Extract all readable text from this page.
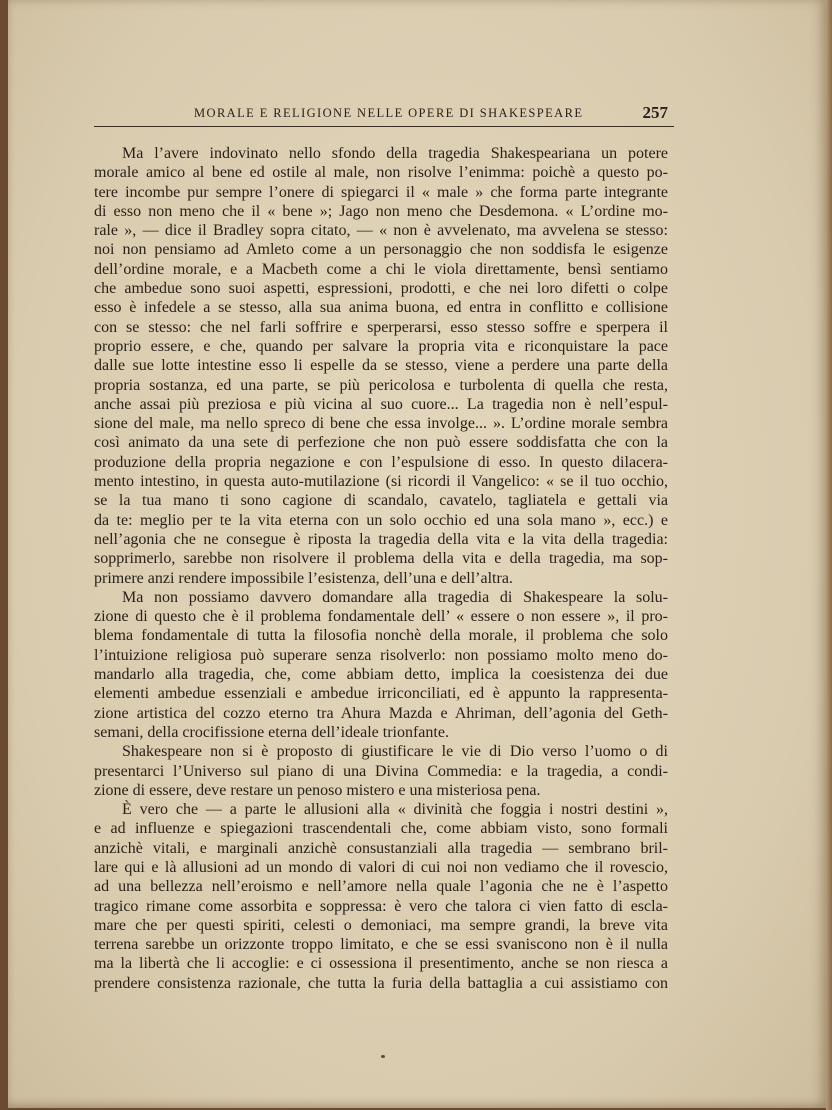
MORALE E RELIGIONE NELLE OPERE DI SHAKESPEARE	257
Ma l’avere indovinato nello sfondo della tragedia Shakespeariana un potere
morale amico al bene ed ostile al male, non risolve l’enimma: poichè a questo po-
tere incombe pur sempre l’onere di spiegarci il « male » che forma parte integrante
di esso non meno che il « bene »; Jago non meno che Desdemona. « L’ordine mo-
rale », — dice il Bradley sopra citato, — « non è avvelenato, ma avvelena se stesso:
noi non pensiamo ad Amleto come a un personaggio che non soddisfa le esigenze
dell’ordine morale, e a Macbeth come a chi le viola direttamente, bensì sentiamo
che ambedue sono suoi aspetti, espressioni, prodotti, e che nei loro difetti o colpe
esso è infedele a se stesso, alla sua anima buona, ed entra in conflitto e collisione
con se stesso: che nel farli soffrire e sperperarsi, esso stesso soffre e sperpera il
proprio essere, e che, quando per salvare la propria vita e riconquistare la pace
dalle sue lotte intestine esso li espelle da se stesso, viene a perdere una parte della
propria sostanza, ed una parte, se più pericolosa e turbolenta di quella che resta,
anche assai più preziosa e più vicina al suo cuore... La tragedia non è nell’espul-
sione del male, ma nello spreco di bene che essa involge... ». L’ordine morale sembra
così animato da una sete di perfezione che non può essere soddisfatta che con la
produzione della propria negazione e con l’espulsione di esso. In questo dilacera-
mento intestino, in questa auto-mutilazione (si ricordi il Vangelico: « se il tuo occhio,
se la tua mano ti sono cagione di scandalo, cavatelo, tagliatela e gettali via
da te: meglio per te la vita eterna con un solo occhio ed una sola mano », ecc.) e
nell’agonia che ne consegue è riposta la tragedia della vita e la vita della tragedia:
sopprimerlo, sarebbe non risolvere il problema della vita e della tragedia, ma sop-
primere anzi rendere impossibile l’esistenza, dell’una e dell’altra.
Ma non possiamo davvero domandare alla tragedia di Shakespeare la solu-
zione di questo che è il problema fondamentale dell’ « essere o non essere », il pro-
blema fondamentale di tutta la filosofia nonchè della morale, il problema che solo
l’intuizione religiosa può superare senza risolverlo: non possiamo molto meno do-
mandarlo alla tragedia, che, come abbiam detto, implica la coesistenza dei due
elementi ambedue essenziali e ambedue irriconciliati, ed è appunto la rappresenta-
zione artistica del cozzo eterno tra Ahura Mazda e Ahriman, dell’agonia del Geth-
semani, della crocifissione eterna dell’ideale trionfante.
Shakespeare non si è proposto di giustificare le vie di Dio verso l’uomo o di
presentarci l’Universo sul piano di una Divina Commedia: e la tragedia, a condi-
zione di essere, deve restare un penoso mistero e una misteriosa pena.
È vero che — a parte le allusioni alla « divinità che foggia i nostri destini »,
e ad influenze e spiegazioni trascendentali che, come abbiam visto, sono formali
anzichè vitali, e marginali anzichè consustanziali alla tragedia — sembrano bril-
lare qui e là allusioni ad un mondo di valori di cui noi non vediamo che il rovescio,
ad una bellezza nell’eroismo e nell’amore nella quale l’agonia che ne è l’aspetto
tragico rimane come assorbita e soppressa: è vero che talora ci vien fatto di escla-
mare che per questi spiriti, celesti o demoniaci, ma sempre grandi, la breve vita
terrena sarebbe un orizzonte troppo limitato, e che se essi svaniscono non è il nulla
ma la libertà che li accoglie: e ci ossessiona il presentimento, anche se non riesca a
prendere consistenza razionale, che tutta la furia della battaglia a cui assistiamo con
